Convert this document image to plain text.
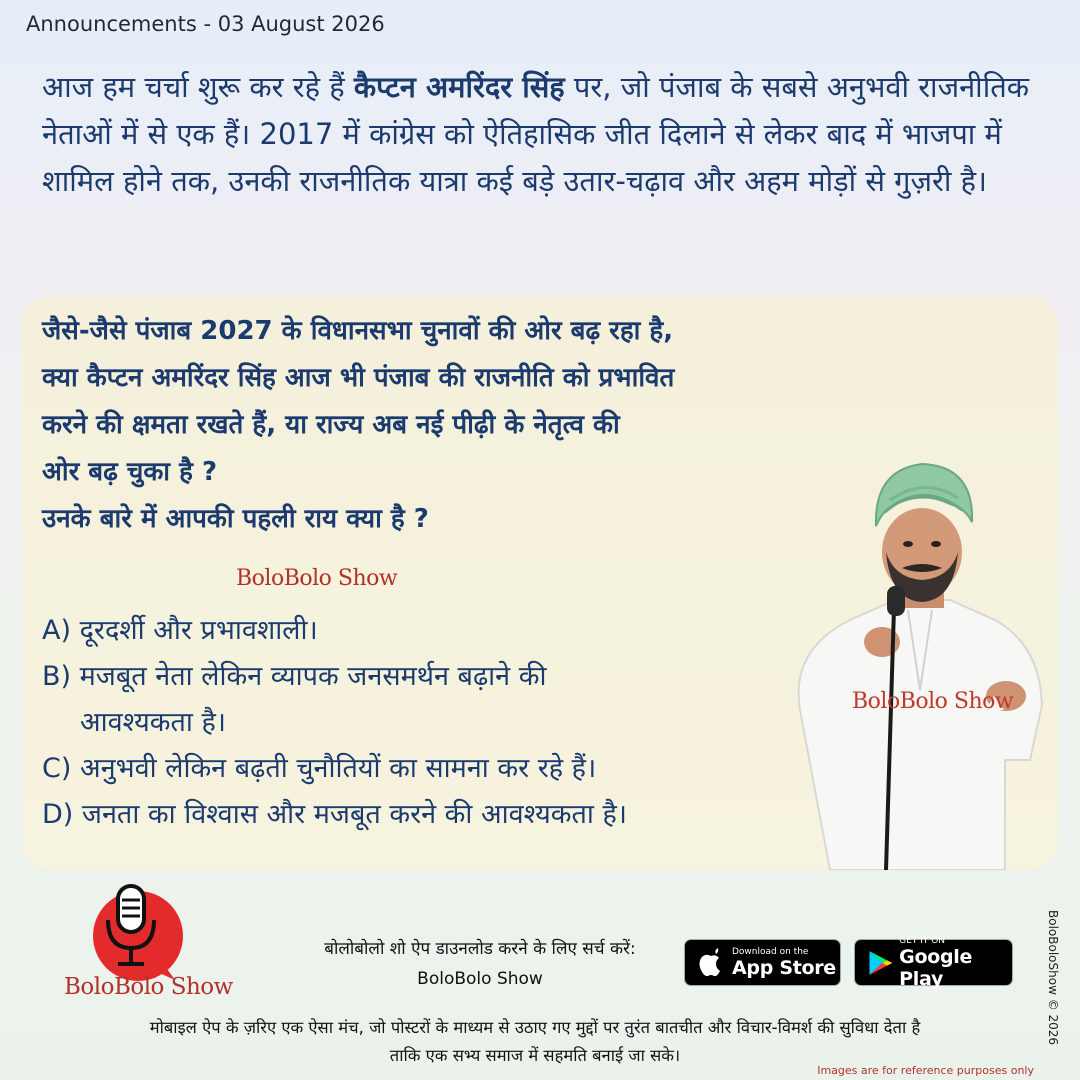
Announcements - 03 August 2026

आज हम चर्चा शुरू कर रहे हैं कैप्टन अमरिंदर सिंह पर, जो पंजाब के सबसे अनुभवी राजनीतिक नेताओं में से एक हैं। 2017 में कांग्रेस को ऐतिहासिक जीत दिलाने से लेकर बाद में भाजपा में शामिल होने तक, उनकी राजनीतिक यात्रा कई बड़े उतार-चढ़ाव और अहम मोड़ों से गुज़री है।

जैसे-जैसे पंजाब 2027 के विधानसभा चुनावों की ओर बढ़ रहा है,
क्या कैप्टन अमरिंदर सिंह आज भी पंजाब की राजनीति को प्रभावित
करने की क्षमता रखते हैं, या राज्य अब नई पीढ़ी के नेतृत्व की
ओर बढ़ चुका है ?
उनके बारे में आपकी पहली राय क्या है ?
BoloBolo Show
A) दूरदर्शी और प्रभावशाली।
B) मजबूत नेता लेकिन व्यापक जनसमर्थन बढ़ाने की
आवश्यकता है।
C) अनुभवी लेकिन बढ़ती चुनौतियों का सामना कर रहे हैं।
D) जनता का विश्वास और मजबूत करने की आवश्यकता है।
BoloBolo Show
BoloBolo Show
बोलोबोलो शो ऐप डाउनलोड करने के लिए सर्च करें:
BoloBolo Show
Download on the
App Store
GET IT ON
Google Play
मोबाइल ऐप के ज़रिए एक ऐसा मंच, जो पोस्टरों के माध्यम से उठाए गए मुद्दों पर तुरंत बातचीत और विचार-विमर्श की सुविधा देता है
ताकि एक सभ्य समाज में सहमति बनाई जा सके।
Images are for reference purposes only
BoloBoloShow © 2026
